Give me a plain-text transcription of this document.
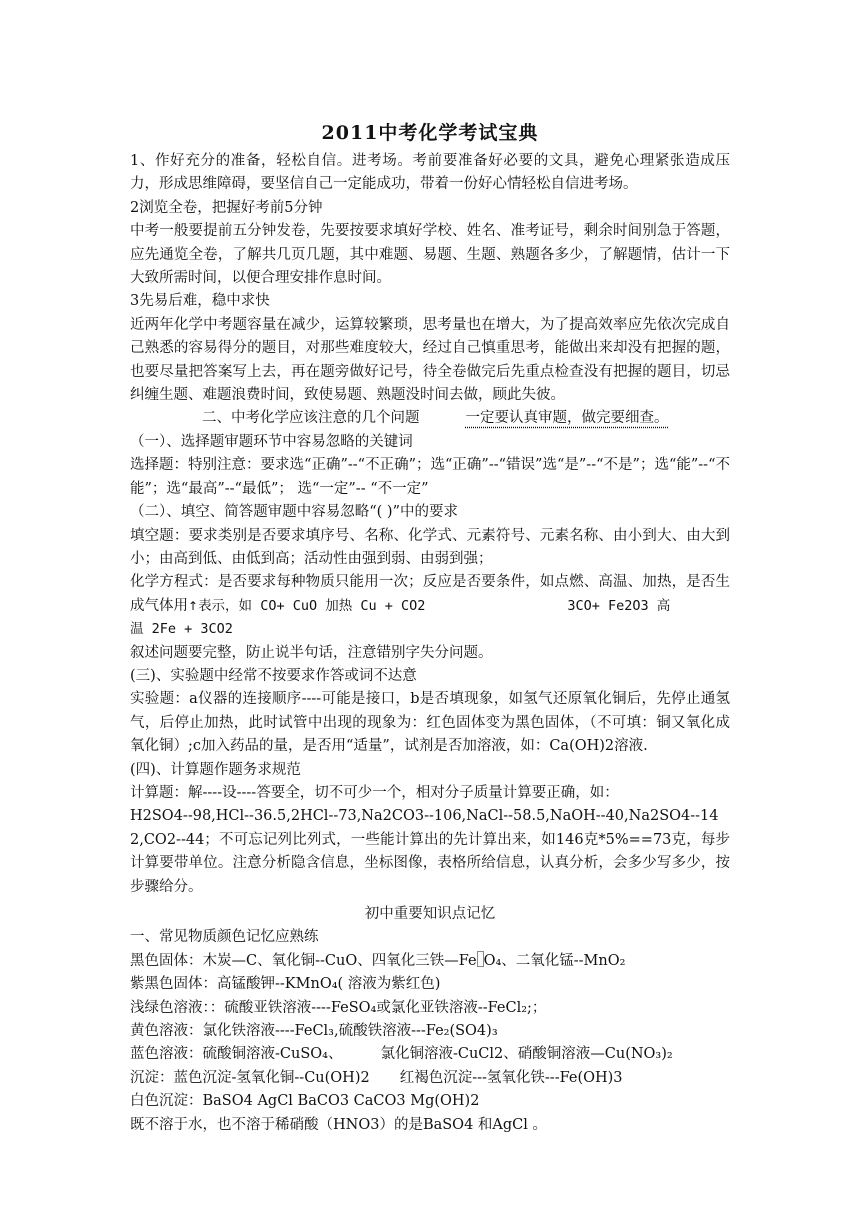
2011中考化学考试宝典

1、作好充分的准备，轻松自信。进考场。考前要准备好必要的文具，避免心理紧张造成压力，形成思维障碍，要坚信自己一定能成功，带着一份好心情轻松自信进考场。

2浏览全卷，把握好考前5分钟

中考一般要提前五分钟发卷，先要按要求填好学校、姓名、准考证号，剩余时间别急于答题，应先通览全卷，了解共几页几题，其中难题、易题、生题、熟题各多少，了解题情，估计一下大致所需时间，以便合理安排作息时间。

3先易后难，稳中求快

近两年化学中考题容量在减少，运算较繁琐，思考量也在增大，为了提高效率应先依次完成自己熟悉的容易得分的题目，对那些难度较大，经过自己慎重思考，能做出来却没有把握的题，也要尽量把答案写上去，再在题旁做好记号，待全卷做完后先重点检查没有把握的题目，切忌纠缠生题、难题浪费时间，致使易题、熟题没时间去做，顾此失彼。

二、中考化学应该注意的几个问题	一定要认真审题，做完要细查。

（一）、选择题审题环节中容易忽略的关键词

选择题：特别注意：要求选“正确”--“不正确”；选“正确”--“错误”选“是”--“不是”；选“能”--“不能”；选“最高”--“最低”； 选“一定”-- “不一定”

（二）、填空、简答题审题中容易忽略“( )”中的要求

填空题：要求类别是否要求填序号、名称、化学式、元素符号、元素名称、由小到大、由大到小；由高到低、由低到高；活动性由强到弱、由弱到强；

化学方程式：是否要求每种物质只能用一次；反应是否要条件，如点燃、高温、加热，是否生成气体用↑表示，如 CO+ CuO 加热 Cu + CO2	3CO+ Fe2O3 高
温 2Fe + 3CO2

叙述问题要完整，防止说半句话，注意错别字失分问题。

(三)、实验题中经常不按要求作答或词不达意

实验题：a仪器的连接顺序----可能是接口，b是否填现象，如氢气还原氧化铜后，先停止通氢气，后停止加热，此时试管中出现的现象为：红色固体变为黑色固体，（不可填：铜又氧化成氧化铜）;c加入药品的量，是否用“适量”，试剂是否加溶液，如：Ca(OH)2溶液.

(四)、计算题作题务求规范

计算题：解----设----答要全，切不可少一个，相对分子质量计算要正确，如：

H2SO4--98,HCl--36.5,2HCl--73,Na2CO3--106,NaCl--58.5,NaOH--40,Na2SO4--142,CO2--44；不可忘记列比列式，一些能计算出的先计算出来，如146克*5%==73克，每步计算要带单位。注意分析隐含信息，坐标图像，表格所给信息，认真分析，会多少写多少，按步骤给分。

初中重要知识点记忆

一、常见物质颜色记忆应熟练

黑色固体：木炭—C、氧化铜--CuO、四氧化三铁—Fe O₄、二氧化锰--MnO₂

紫黑色固体：高锰酸钾--KMnO₄( 溶液为紫红色)

浅绿色溶液：：硫酸亚铁溶液----FeSO₄或氯化亚铁溶液--FeCl₂;；

黄色溶液：氯化铁溶液----FeCl₃,硫酸铁溶液---Fe₂(SO4)₃

蓝色溶液：硫酸铜溶液-CuSO₄、	氯化铜溶液-CuCl2、硝酸铜溶液—Cu(NO₃)₂

沉淀：蓝色沉淀-氢氧化铜--Cu(OH)2 红褐色沉淀---氢氧化铁---Fe(OH)3

白色沉淀：BaSO4 AgCl BaCO3 CaCO3 Mg(OH)2

既不溶于水，也不溶于稀硝酸（HNO3）的是BaSO4 和AgCl 。
